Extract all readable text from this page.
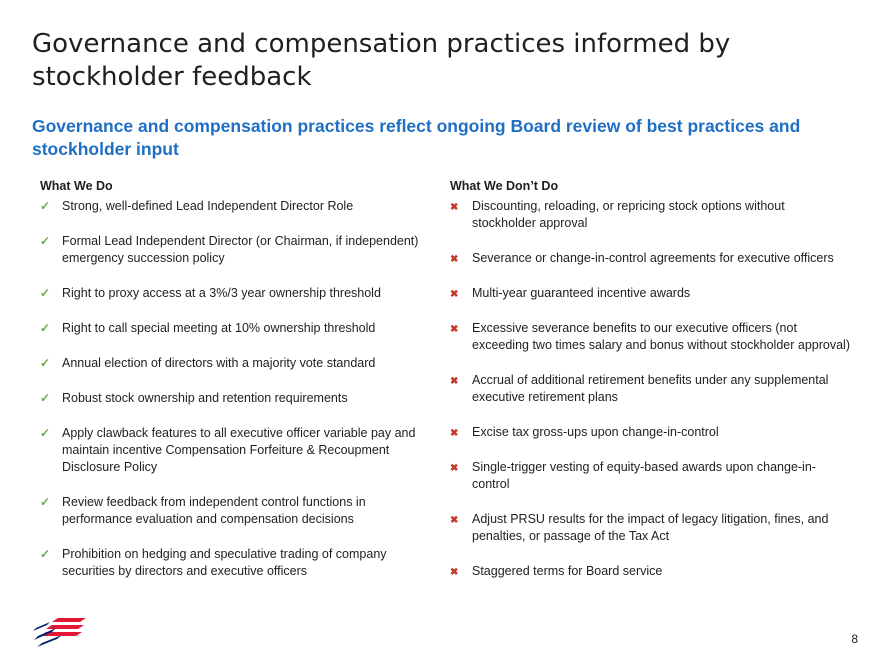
Governance and compensation practices informed by stockholder feedback
Governance and compensation practices reflect ongoing Board review of best practices and stockholder input
What We Do
✓ Strong, well-defined Lead Independent Director Role
✓ Formal Lead Independent Director (or Chairman, if independent) emergency succession policy
✓ Right to proxy access at a 3%/3 year ownership threshold
✓ Right to call special meeting at 10% ownership threshold
✓ Annual election of directors with a majority vote standard
✓ Robust stock ownership and retention requirements
✓ Apply clawback features to all executive officer variable pay and maintain incentive Compensation Forfeiture & Recoupment Disclosure Policy
✓ Review feedback from independent control functions in performance evaluation and compensation decisions
✓ Prohibition on hedging and speculative trading of company securities by directors and executive officers
What We Don’t Do
✖	Discounting, reloading, or repricing stock options without stockholder approval
✖	Severance or change-in-control agreements for executive officers
✖	Multi-year guaranteed incentive awards
✖	Excessive severance benefits to our executive officers (not exceeding two times salary and bonus without stockholder approval)
✖	Accrual of additional retirement benefits under any supplemental executive retirement plans
✖	Excise tax gross-ups upon change-in-control
✖	Single-trigger vesting of equity-based awards upon change-in-control
✖	Adjust PRSU results for the impact of legacy litigation, fines, and penalties, or passage of the Tax Act
✖	Staggered terms for Board service
8
